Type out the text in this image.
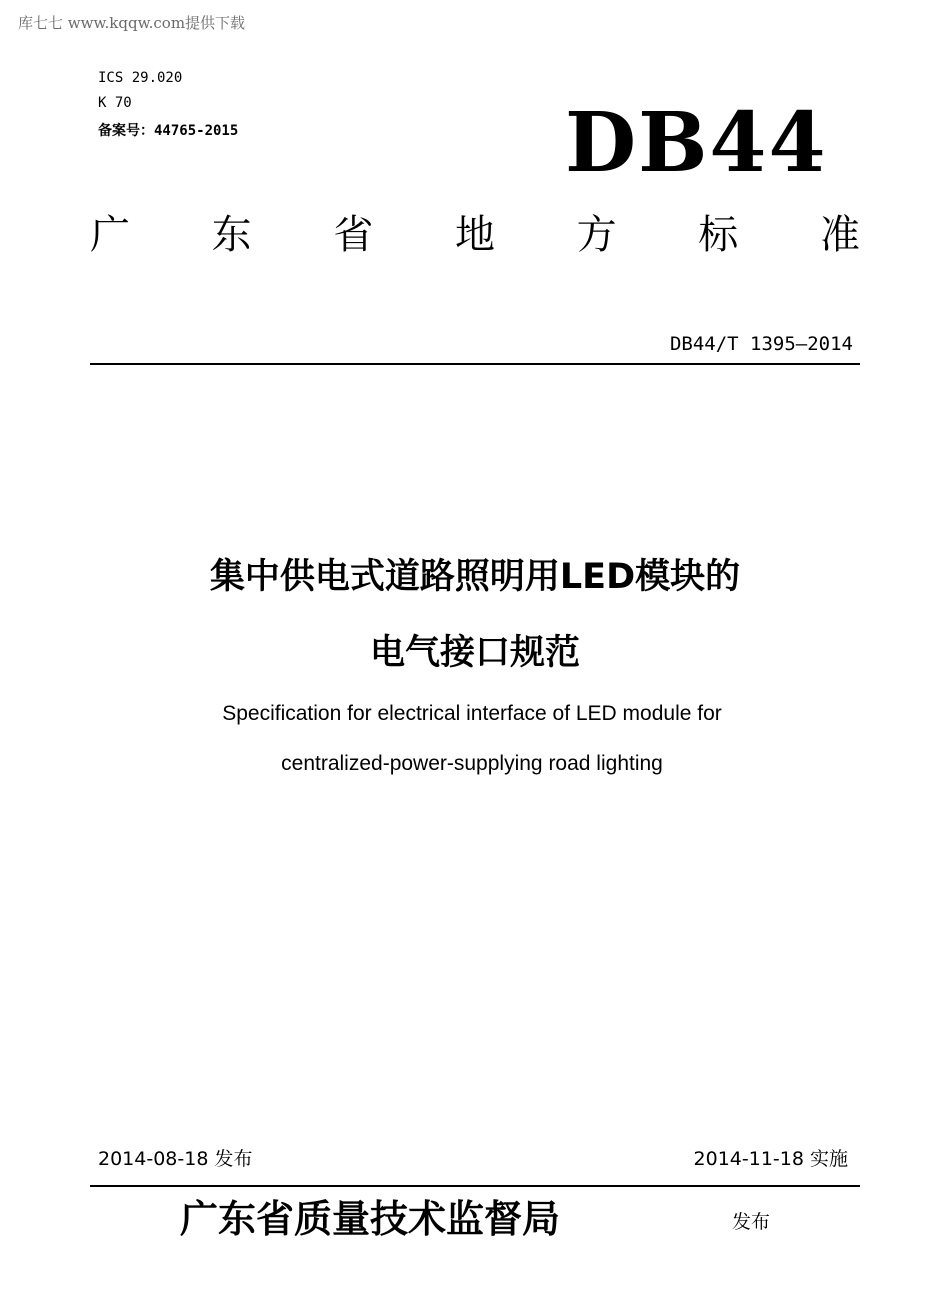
库七七 www.kqqw.com提供下载
ICS 29.020
K 70
备案号：44765-2015	DB44
广 东 省 地 方 标 准
DB44/T 1395—2014
集中供电式道路照明用LED模块的
电气接口规范
Specification for electrical interface of LED module for
centralized-power-supplying road lighting
2014-08-18 发布	2014-11-18 实施
广东省质量技术监督局	发布
